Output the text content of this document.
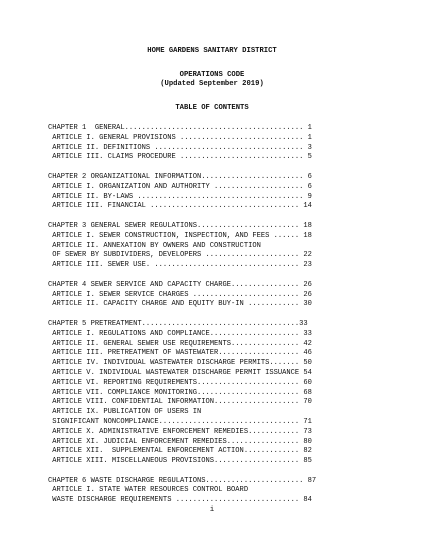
HOME GARDENS SANITARY DISTRICT
OPERATIONS CODE
(Updated September 2019)
TABLE OF CONTENTS
CHAPTER 1  GENERAL.......................................... 1
ARTICLE I. GENERAL PROVISIONS ............................. 1
ARTICLE II. DEFINITIONS ................................... 3
ARTICLE III. CLAIMS PROCEDURE ............................. 5
CHAPTER 2 ORGANIZATIONAL INFORMATION........................ 6
ARTICLE I. ORGANIZATION AND AUTHORITY ..................... 6
ARTICLE II. BY-LAWS ....................................... 9
ARTICLE III. FINANCIAL ................................... 14
CHAPTER 3 GENERAL SEWER REGULATIONS........................ 18
ARTICLE I. SEWER CONSTRUCTION, INSPECTION, AND FEES ...... 18
ARTICLE II. ANNEXATION BY OWNERS AND CONSTRUCTION
OF SEWER BY SUBDIVIDERS, DEVELOPERS ...................... 22
ARTICLE III. SEWER USE. .................................. 23
CHAPTER 4 SEWER SERVICE AND CAPACITY CHARGE................ 26
ARTICLE I. SEWER SERVICE CHARGES ......................... 26
ARTICLE II. CAPACITY CHARGE AND EQUITY BUY-IN ............ 30
CHAPTER 5 PRETREATMENT.....................................33
ARTICLE I. REGULATIONS AND COMPLIANCE..................... 33
ARTICLE II. GENERAL SEWER USE REQUIREMENTS................ 42
ARTICLE III. PRETREATMENT OF WASTEWATER................... 46
ARTICLE IV. INDIVIDUAL WASTEWATER DISCHARGE PERMITS....... 50
ARTICLE V. INDIVIDUAL WASTEWATER DISCHARGE PERMIT ISSUANCE 54
ARTICLE VI. REPORTING REQUIREMENTS........................ 60
ARTICLE VII. COMPLIANCE MONITORING........................ 68
ARTICLE VIII. CONFIDENTIAL INFORMATION.................... 70
ARTICLE IX. PUBLICATION OF USERS IN
SIGNIFICANT NONCOMPLIANCE................................. 71
ARTICLE X. ADMINISTRATIVE ENFORCEMENT REMEDIES............ 73
ARTICLE XI. JUDICIAL ENFORCEMENT REMEDIES................. 80
ARTICLE XII.  SUPPLEMENTAL ENFORCEMENT ACTION............. 82
ARTICLE XIII. MISCELLANEOUS PROVISIONS.................... 85
CHAPTER 6 WASTE DISCHARGE REGULATIONS....................... 87
ARTICLE I. STATE WATER RESOURCES CONTROL BOARD
WASTE DISCHARGE REQUIREMENTS ............................. 84
i
